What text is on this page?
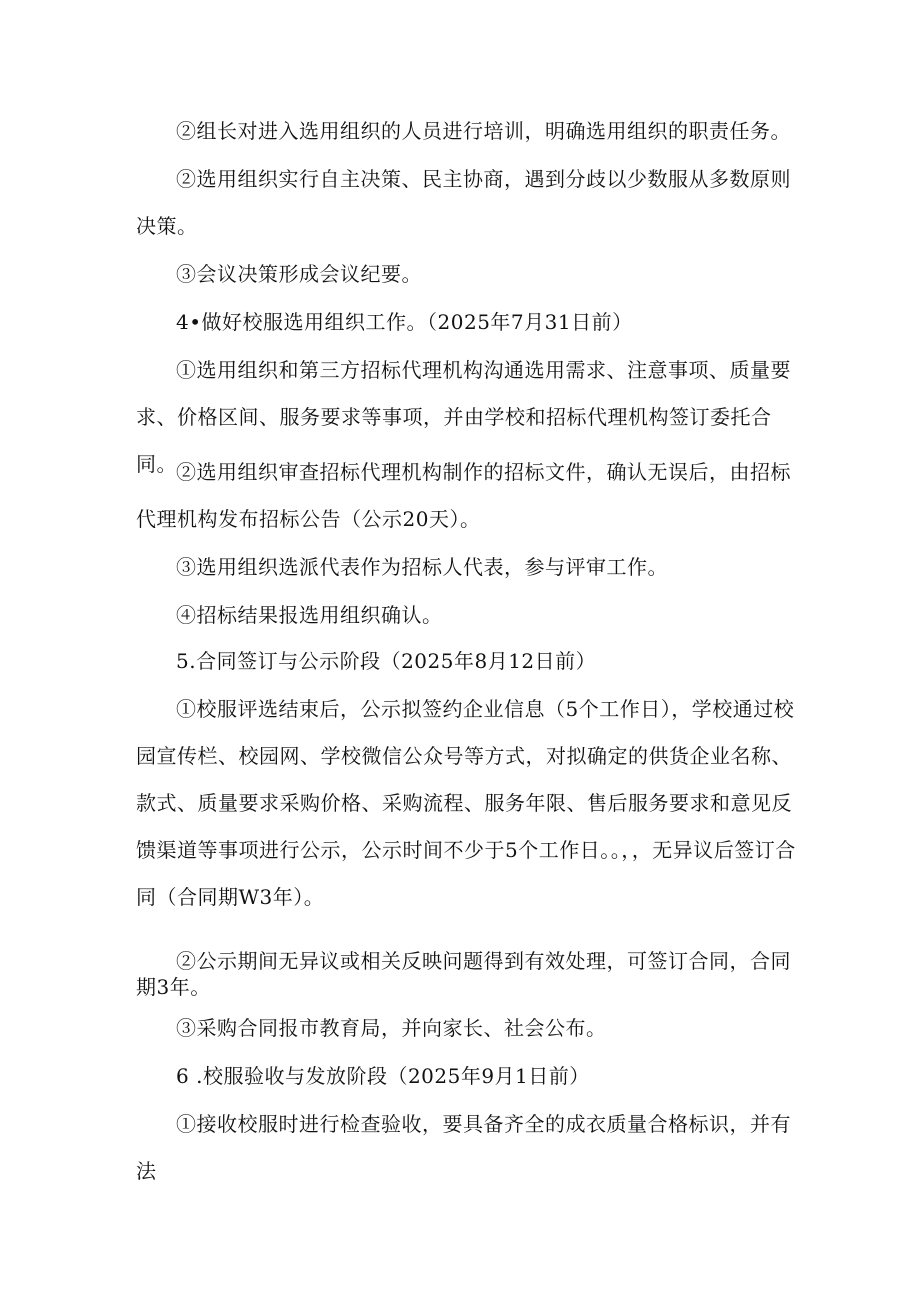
②组长对进入选用组织的人员进行培训，明确选用组织的职责任务。

②选用组织实行自主决策、民主协商，遇到分歧以少数服从多数原则决策。

③会议决策形成会议纪要。

4•做好校服选用组织工作。（2025年7月31日前）

①选用组织和第三方招标代理机构沟通选用需求、注意事项、质量要求、价格区间、服务要求等事项，并由学校和招标代理机构签订委托合同。 ②选用组织审查招标代理机构制作的招标文件，确认无误后，由招标代理机构发布招标公告（公示20天）。

③选用组织选派代表作为招标人代表，参与评审工作。

④招标结果报选用组织确认。

5.合同签订与公示阶段（2025年8月12日前）

①校服评选结束后，公示拟签约企业信息（5个工作日），学校通过校园宣传栏、校园网、学校微信公众号等方式，对拟确定的供货企业名称、款式、质量要求采购价格、采购流程、服务年限、售后服务要求和意见反馈渠道等事项进行公示，公示时间不少于5个工作日。。，，无异议后签订合同（合同期W3年）。

②公示期间无异议或相关反映问题得到有效处理，可签订合同，合同期3年。

③采购合同报市教育局，并向家长、社会公布。

6 .校服验收与发放阶段（2025年9月1日前）

①接收校服时进行检查验收，要具备齐全的成衣质量合格标识，并有法
